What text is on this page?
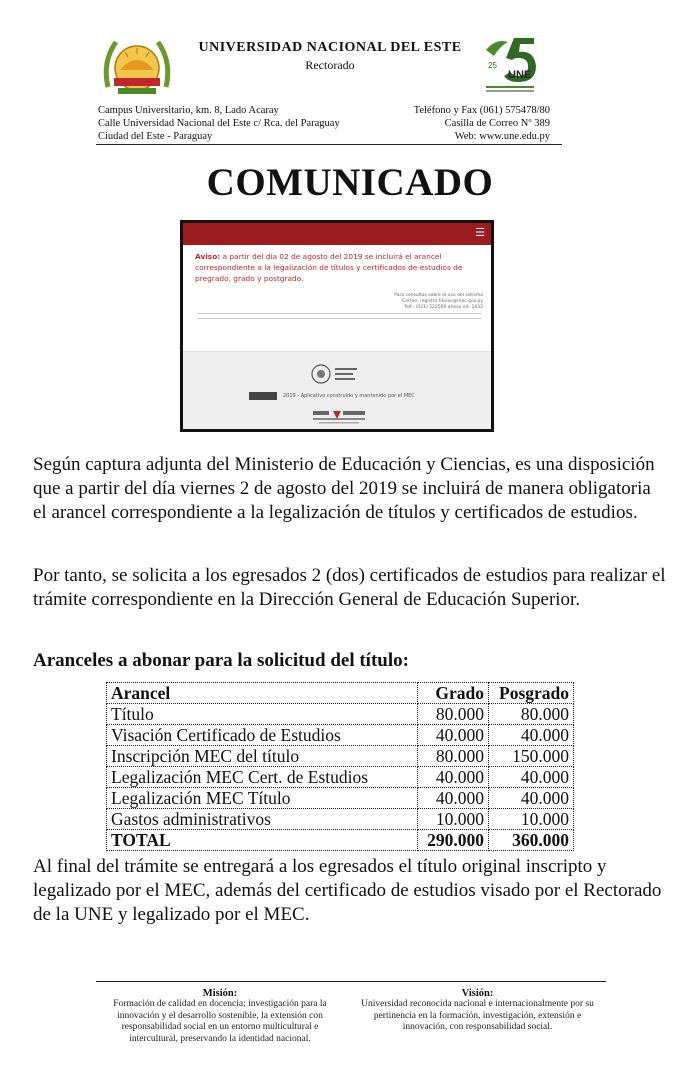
UNIVERSIDAD NACIONAL DEL ESTE
Rectorado
UNE
25
Campus Universitario, km. 8, Lado Acaray
Calle Universidad Nacional del Este c/ Rca. del Paraguay
Ciudad del Este - Paraguay
Teléfono y Fax (061) 575478/80
Casilla de Correo Nº 389
Web: www.une.edu.py
COMUNICADO
☰
Aviso: a partir del día 02 de agosto del 2019 se incluirá el arancel correspondiente a la legalización de títulos y certificados de estudios de pregrado, grado y postgrado.
Para consultas sobre el uso del sistema
Correo: registro.titulos@mec.gov.py
Telf.: (021) 222500 anexo int. 1432
2019 - Aplicativo construido y mantenido por el MEC
Según captura adjunta del Ministerio de Educación y Ciencias, es una disposición que a partir del día viernes 2 de agosto del 2019 se incluirá de manera obligatoria el arancel correspondiente a la legalización de títulos y certificados de estudios.
Por tanto, se solicita a los egresados 2 (dos) certificados de estudios para realizar el trámite correspondiente en la Dirección General de Educación Superior.
Aranceles a abonar para la solicitud del título:
Arancel	Grado	Posgrado
Título	80.000	80.000
Visación Certificado de Estudios	40.000	40.000
Inscripción MEC del título	80.000	150.000
Legalización MEC Cert. de Estudios	40.000	40.000
Legalización MEC Título	40.000	40.000
Gastos administrativos	10.000	10.000
TOTAL	290.000	360.000
Al final del trámite se entregará a los egresados el título original inscripto y legalizado por el MEC, además del certificado de estudios visado por el Rectorado de la UNE y legalizado por el MEC.
Misión:
Formación de calidad en docencia; investigación para la innovación y el desarrollo sostenible, la extensión con responsabilidad social en un entorno multicultural e intercultural, preservando la identidad nacional.
Visión:
Universidad reconocida nacional e internacionalmente por su pertinencia en la formación, investigación, extensión e innovación, con responsabilidad social.
